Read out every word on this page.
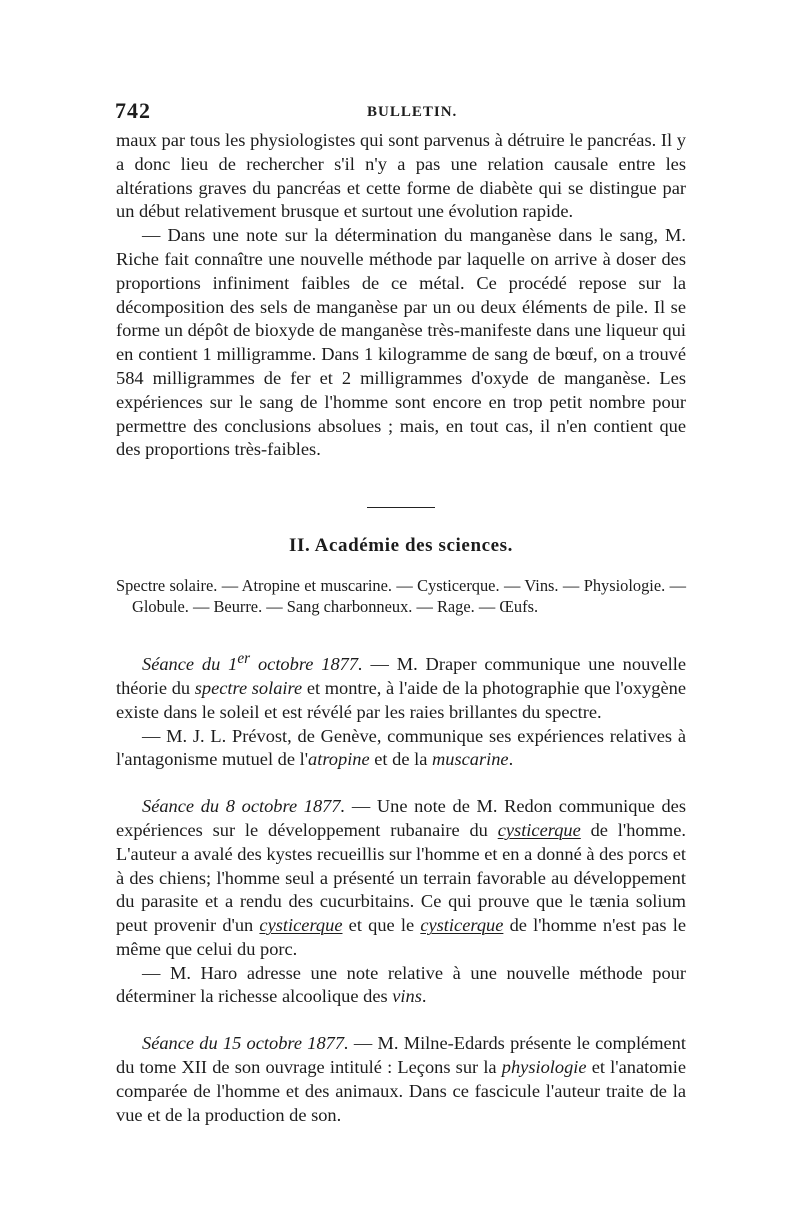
742	BULLETIN.

maux par tous les physiologistes qui sont parvenus à détruire le pancréas. Il y a donc lieu de rechercher s'il n'y a pas une relation causale entre les altérations graves du pancréas et cette forme de diabète qui se distingue par un début relativement brusque et surtout une évolution rapide.

— Dans une note sur la détermination du manganèse dans le sang, M. Riche fait connaître une nouvelle méthode par laquelle on arrive à doser des proportions infiniment faibles de ce métal. Ce procédé repose sur la décomposition des sels de manganèse par un ou deux éléments de pile. Il se forme un dépôt de bioxyde de manganèse très-manifeste dans une liqueur qui en contient 1 milligramme. Dans 1 kilogramme de sang de bœuf, on a trouvé 584 milligrammes de fer et 2 milligrammes d'oxyde de manganèse. Les expériences sur le sang de l'homme sont encore en trop petit nombre pour permettre des conclusions absolues ; mais, en tout cas, il n'en contient que des proportions très-faibles.

II. Académie des sciences.

Spectre solaire. — Atropine et muscarine. — Cysticerque. — Vins. — Physiologie. — Globule. — Beurre. — Sang charbonneux. — Rage. — Œufs.

Séance du 1er octobre 1877. — M. Draper communique une nouvelle théorie du spectre solaire et montre, à l'aide de la photographie que l'oxygène existe dans le soleil et est révélé par les raies brillantes du spectre.

— M. J. L. Prévost, de Genève, communique ses expériences relatives à l'antagonisme mutuel de l'atropine et de la muscarine.

Séance du 8 octobre 1877. — Une note de M. Redon communique des expériences sur le développement rubanaire du cysticerque de l'homme. L'auteur a avalé des kystes recueillis sur l'homme et en a donné à des porcs et à des chiens; l'homme seul a présenté un terrain favorable au développement du parasite et a rendu des cucurbitains. Ce qui prouve que le tænia solium peut provenir d'un cysticerque et que le cysticerque de l'homme n'est pas le même que celui du porc.

— M. Haro adresse une note relative à une nouvelle méthode pour déterminer la richesse alcoolique des vins.

Séance du 15 octobre 1877. — M. Milne-Edards présente le complément du tome XII de son ouvrage intitulé : Leçons sur la physiologie et l'anatomie comparée de l'homme et des animaux. Dans ce fascicule l'auteur traite de la vue et de la production de son.
